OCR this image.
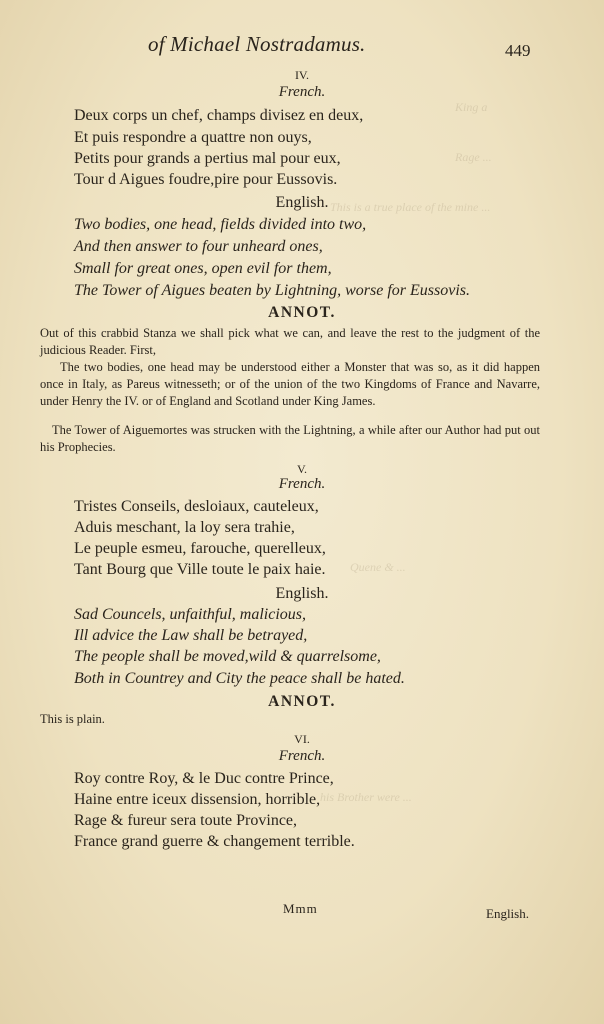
King a
Rage ...
This is a true place of the mine ...
Quene & ...
his Brother were ...
of Michael Nostradamus.	449
IV.
French.
Deux corps un chef, champs divisez en deux,
Et puis respondre a quattre non ouys,
Petits pour grands a pertius mal pour eux,
Tour d Aigues foudre,pire pour Eussovis.
English.
Two bodies, one head, fields divided into two,
And then answer to four unheard ones,
Small for great ones, open evil for them,
The Tower of Aigues beaten by Lightning, worse for Eussovis.
ANNOT.
Out of this crabbid Stanza we shall pick what we can, and leave the rest to the judgment of the judicious Reader. First,
The two bodies, one head may be understood either a Monster that was so, as it did happen once in Italy, as Pareus witnesseth; or of the union of the two Kingdoms of France and Navarre, under Henry the IV. or of England and Scotland under King James.
The Tower of Aiguemortes was strucken with the Lightning, a while after our Author had put out his Prophecies.
V.
French.
Tristes Conseils, desloiaux, cauteleux,
Aduis meschant, la loy sera trahie,
Le peuple esmeu, farouche, querelleux,
Tant Bourg que Ville toute le paix haie.
English.
Sad Councels, unfaithful, malicious,
Ill advice the Law shall be betrayed,
The people shall be moved,wild & quarrelsome,
Both in Countrey and City the peace shall be hated.
ANNOT.
This is plain.
VI.
French.
Roy contre Roy, & le Duc contre Prince,
Haine entre iceux dissension, horrible,
Rage & fureur sera toute Province,
France grand guerre & changement terrible.
Mmm	English.
